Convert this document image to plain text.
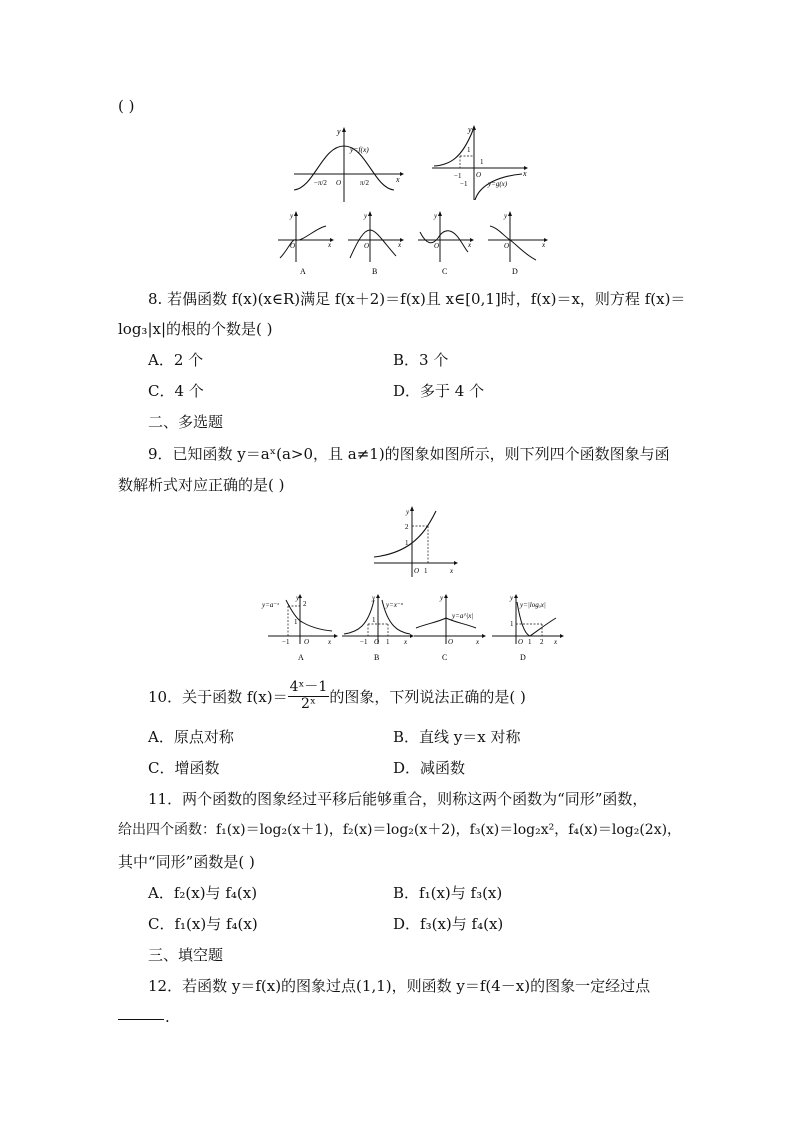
( )
y
x
y=f(x)
−π/2 O	π/2
y
x
1
1
−1 O
−1	y=g(x)
y
x
O
A
y
x
O
B
y
x
O
C
y
x
O
D
8. 若偶函数 f(x)(x∈R)满足 f(x＋2)＝f(x)且 x∈[0,1]时，f(x)＝x，则方程 f(x)＝
log₃|x|的根的个数是( )
A．2 个	B．3 个
C．4 个	D．多于 4 个
二、多选题
9．已知函数 y＝aˣ(a>0，且 a≠1)的图象如图所示，则下列四个函数图象与函
数解析式对应正确的是( )
y
2
1
O 1	x
y=a⁻ˣ	2
1
−1 O	x
y
A
y=x⁻ᵃ
1
−1 O 1 x
y
B
y=a^|x|
O	x
y
C
y=|logₐx|
1
O 1 2 x
y
D
10．关于函数 $f(x)= \frac{\text{4ˣ－1}}{\text{2ˣ}}$ 的图象，下列说法正确的是( )
A．原点对称	B．直线 y＝x 对称
C．增函数	D．减函数
11．两个函数的图象经过平移后能够重合，则称这两个函数为“同形”函数，
给出四个函数：f₁(x)＝log₂(x＋1)，f₂(x)＝log₂(x＋2)，f₃(x)＝log₂x²，f₄(x)＝log₂(2x)，
其中“同形”函数是( )
A．f₂(x)与 f₄(x)	B．f₁(x)与 f₃(x)
C．f₁(x)与 f₄(x)	D．f₃(x)与 f₄(x)
三、填空题
12．若函数 y＝f(x)的图象过点(1,1)，则函数 y＝f(4－x)的图象一定经过点
.
